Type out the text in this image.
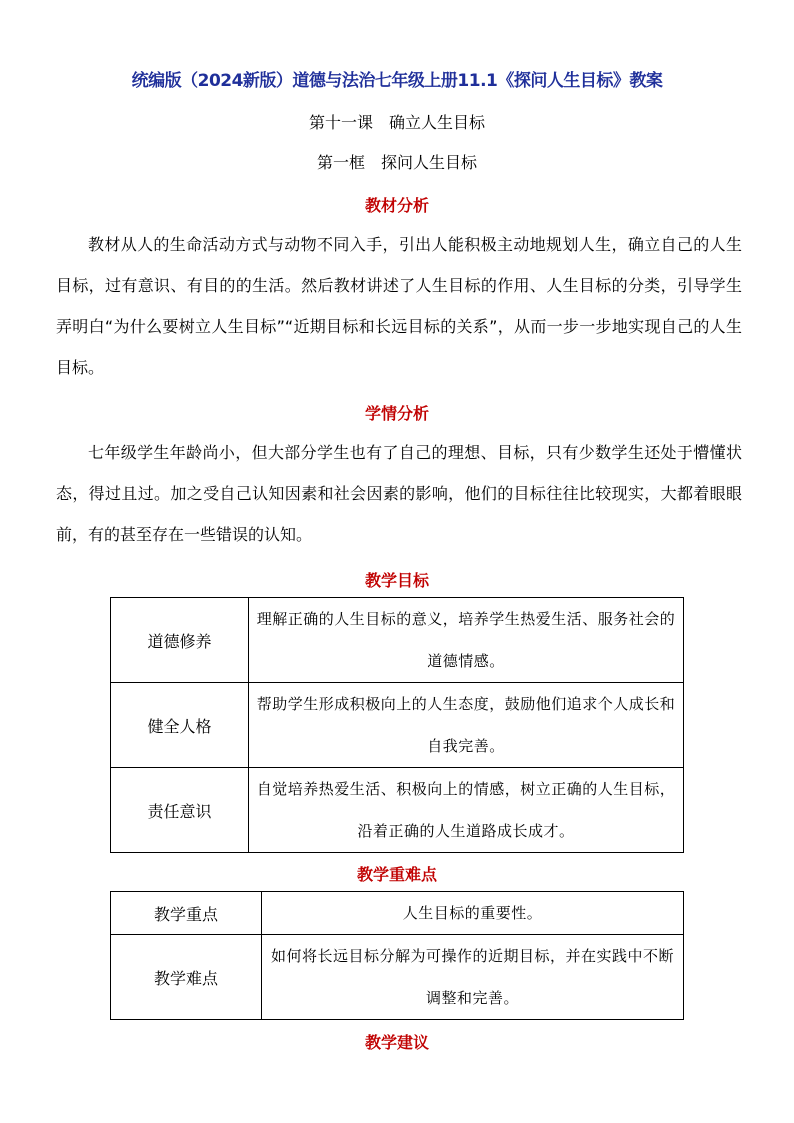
统编版（2024新版）道德与法治七年级上册11.1《探问人生目标》教案
第十一课　确立人生目标
第一框　探问人生目标
教材分析

教材从人的生命活动方式与动物不同入手，引出人能积极主动地规划人生，确立自己的人生目标，过有意识、有目的的生活。然后教材讲述了人生目标的作用、人生目标的分类，引导学生弄明白“为什么要树立人生目标”“近期目标和长远目标的关系”，从而一步一步地实现自己的人生目标。

学情分析

七年级学生年龄尚小，但大部分学生也有了自己的理想、目标，只有少数学生还处于懵懂状态，得过且过。加之受自己认知因素和社会因素的影响，他们的目标往往比较现实，大都着眼眼前，有的甚至存在一些错误的认知。

教学目标
道德修养	理解正确的人生目标的意义，培养学生热爱生活、服务社会的道德情感。
健全人格	帮助学生形成积极向上的人生态度，鼓励他们追求个人成长和自我完善。
责任意识	自觉培养热爱生活、积极向上的情感，树立正确的人生目标，沿着正确的人生道路成长成才。
教学重难点
教学重点	人生目标的重要性。
教学难点	如何将长远目标分解为可操作的近期目标，并在实践中不断调整和完善。
教学建议
